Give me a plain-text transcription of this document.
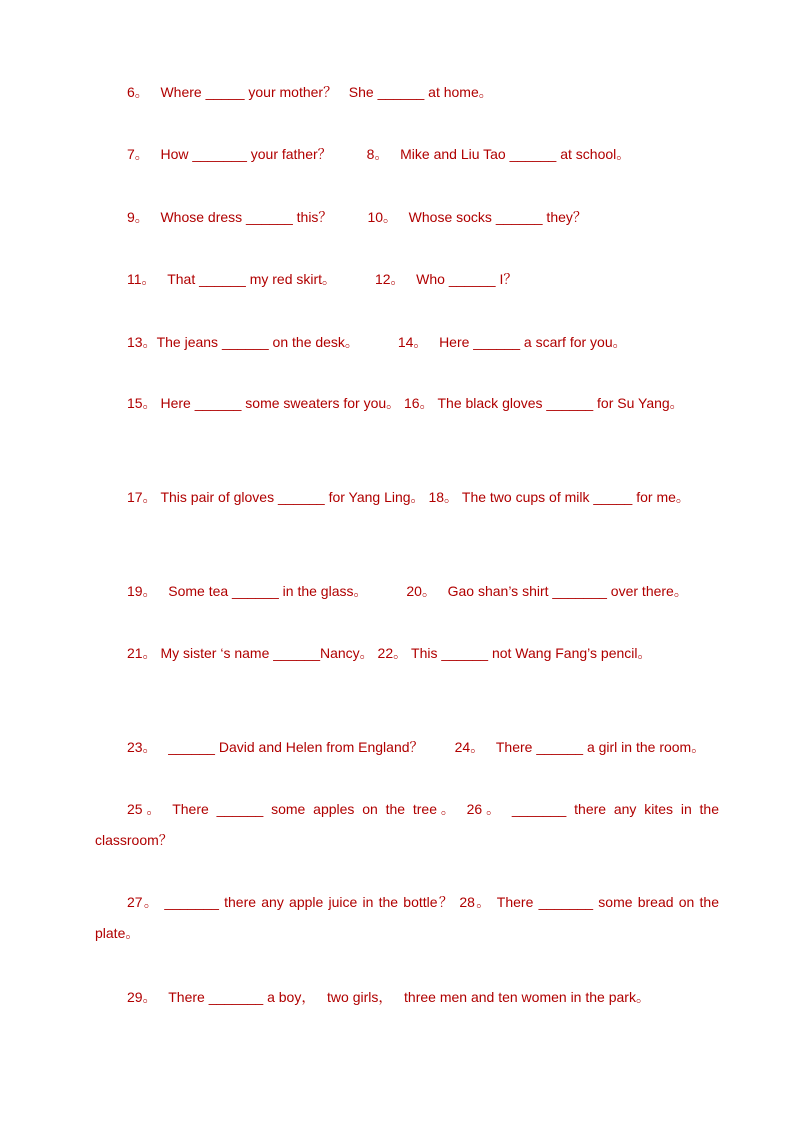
6。   Where _____ your mother？   She ______ at home。
7。   How _______ your father？         8。   Mike and Liu Tao ______ at school。
9。   Whose dress ______ this？         10。   Whose socks ______ they？
11。   That ______ my red skirt。          12。   Who ______ I？
13。The jeans ______ on the desk。          14。   Here ______ a scarf for you。
15。 Here ______ some sweaters for you。 16。 The black gloves ______ for Su Yang。
17。 This pair of gloves ______ for Yang Ling。 18。 The two cups of milk _____ for me。
19。   Some tea ______ in the glass。          20。   Gao shan’s shirt _______ over there。
21。 My sister ‘s name ______Nancy。 22。 This ______ not Wang Fang’s pencil。
23。   ______ David and Helen from England？        24。   There ______ a girl in the room。
25。 There ______ some apples on the tree。 26。 _______ there any kites in the classroom？
27。 _______ there any apple juice in the bottle？ 28。 There _______ some bread on the plate。
29。   There _______ a boy，   two girls，   three men and ten women in the park。
